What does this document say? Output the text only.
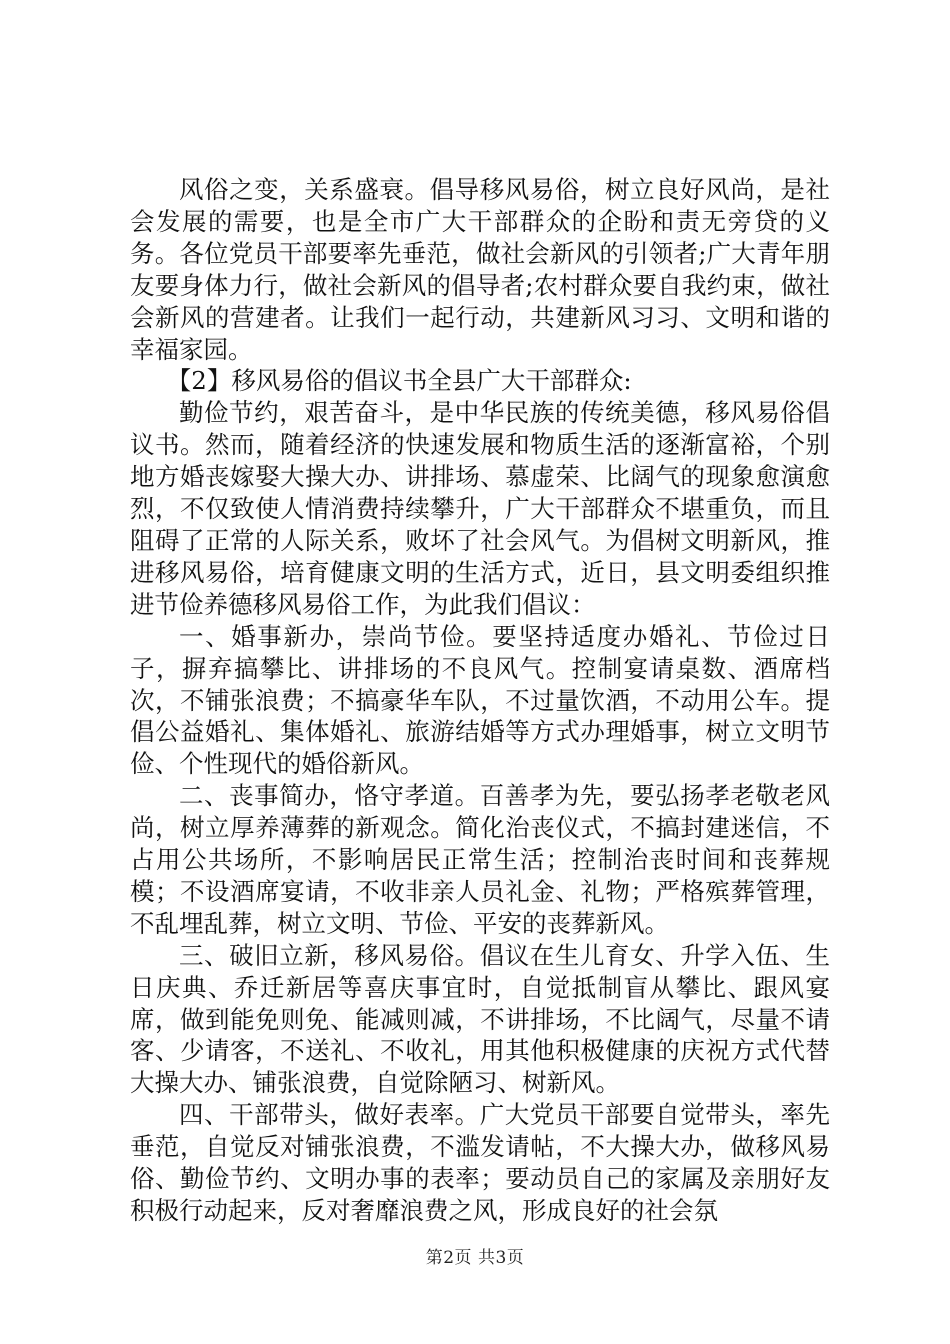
风俗之变，关系盛衰。倡导移风易俗，树立良好风尚，是社会发展的需要，也是全市广大干部群众的企盼和责无旁贷的义务。各位党员干部要率先垂范，做社会新风的引领者;广大青年朋友要身体力行，做社会新风的倡导者;农村群众要自我约束，做社会新风的营建者。让我们一起行动，共建新风习习、文明和谐的幸福家园。

【2】移风易俗的倡议书全县广大干部群众:

勤俭节约，艰苦奋斗，是中华民族的传统美德，移风易俗倡议书。然而，随着经济的快速发展和物质生活的逐渐富裕，个别地方婚丧嫁娶大操大办、讲排场、慕虚荣、比阔气的现象愈演愈烈，不仅致使人情消费持续攀升，广大干部群众不堪重负，而且阻碍了正常的人际关系，败坏了社会风气。为倡树文明新风，推进移风易俗，培育健康文明的生活方式，近日，县文明委组织推进节俭养德移风易俗工作，为此我们倡议：

一、婚事新办，崇尚节俭。要坚持适度办婚礼、节俭过日子，摒弃搞攀比、讲排场的不良风气。控制宴请桌数、酒席档次，不铺张浪费；不搞豪华车队，不过量饮酒，不动用公车。提倡公益婚礼、集体婚礼、旅游结婚等方式办理婚事，树立文明节俭、个性现代的婚俗新风。

二、丧事简办，恪守孝道。百善孝为先，要弘扬孝老敬老风尚，树立厚养薄葬的新观念。简化治丧仪式，不搞封建迷信，不占用公共场所，不影响居民正常生活；控制治丧时间和丧葬规模；不设酒席宴请，不收非亲人员礼金、礼物；严格殡葬管理，不乱埋乱葬，树立文明、节俭、平安的丧葬新风。

三、破旧立新，移风易俗。倡议在生儿育女、升学入伍、生日庆典、乔迁新居等喜庆事宜时，自觉抵制盲从攀比、跟风宴席，做到能免则免、能减则减，不讲排场，不比阔气，尽量不请客、少请客，不送礼、不收礼，用其他积极健康的庆祝方式代替大操大办、铺张浪费，自觉除陋习、树新风。

四、干部带头，做好表率。广大党员干部要自觉带头，率先垂范，自觉反对铺张浪费，不滥发请帖，不大操大办，做移风易俗、勤俭节约、文明办事的表率；要动员自己的家属及亲朋好友积极行动起来，反对奢靡浪费之风，形成良好的社会氛

第2页 共3页
